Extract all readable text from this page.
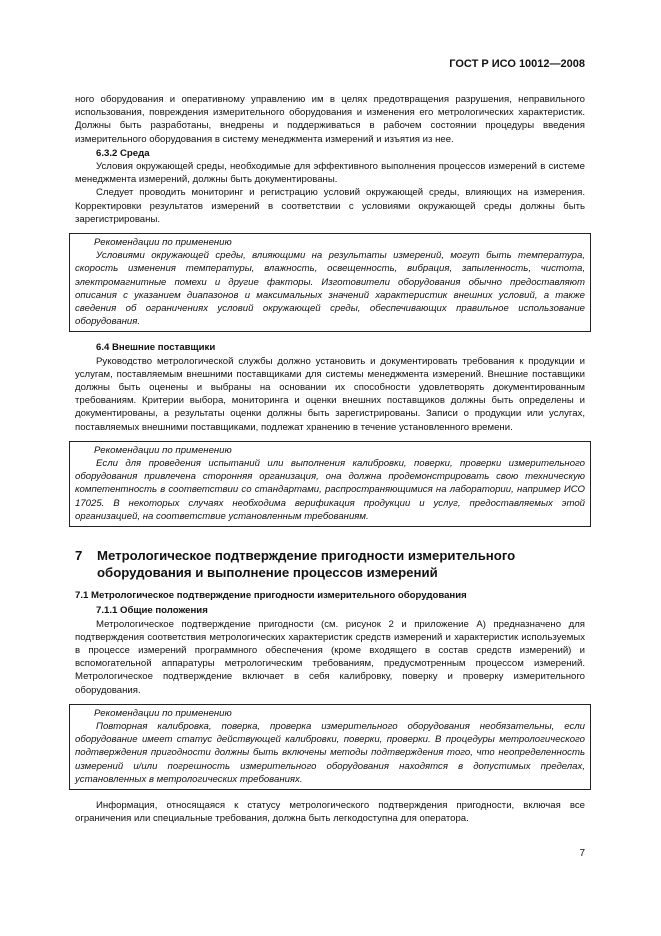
ГОСТ Р ИСО 10012—2008

ного оборудования и оперативному управлению им в целях предотвращения разрушения, неправильного использования, повреждения измерительного оборудования и изменения его метрологических характеристик. Должны быть разработаны, внедрены и поддерживаться в рабочем состоянии процедуры введения измерительного оборудования в систему менеджмента измерений и изъятия из нее.

6.3.2 Среда

Условия окружающей среды, необходимые для эффективного выполнения процессов измерений в системе менеджмента измерений, должны быть документированы.

Следует проводить мониторинг и регистрацию условий окружающей среды, влияющих на измерения. Корректировки результатов измерений в соответствии с условиями окружающей среды должны быть зарегистрированы.

Рекомендации по применению

Условиями окружающей среды, влияющими на результаты измерений, могут быть температура, скорость изменения температуры, влажность, освещенность, вибрация, запыленность, чистота, электромагнитные помехи и другие факторы. Изготовители оборудования обычно предоставляют описания с указанием диапазонов и максимальных значений характеристик внешних условий, а также сведения об ограничениях условий окружающей среды, обеспечивающих правильное использование оборудования.

6.4 Внешние поставщики

Руководство метрологической службы должно установить и документировать требования к продукции и услугам, поставляемым внешними поставщиками для системы менеджмента измерений. Внешние поставщики должны быть оценены и выбраны на основании их способности удовлетворять документированным требованиям. Критерии выбора, мониторинга и оценки внешних поставщиков должны быть определены и документированы, а результаты оценки должны быть зарегистрированы. Записи о продукции или услугах, поставляемых внешними поставщиками, подлежат хранению в течение установленного времени.

Рекомендации по применению

Если для проведения испытаний или выполнения калибровки, поверки, проверки измерительного оборудования привлечена сторонняя организация, она должна продемонстрировать свою техническую компетентность в соответствии со стандартами, распространяющимися на лаборатории, например ИСО 17025. В некоторых случаях необходима верификация продукции и услуг, предоставляемых этой организацией, на соответствие установленным требованиям.

7 Метрологическое подтверждение пригодности измерительного
оборудования и выполнение процессов измерений

7.1 Метрологическое подтверждение пригодности измерительного оборудования

7.1.1 Общие положения

Метрологическое подтверждение пригодности (см. рисунок 2 и приложение А) предназначено для подтверждения соответствия метрологических характеристик средств измерений и характеристик используемых в процессе измерений программного обеспечения (кроме входящего в состав средств измерений) и вспомогательной аппаратуры метрологическим требованиям, предусмотренным процессом измерений. Метрологическое подтверждение включает в себя калибровку, поверку и проверку измерительного оборудования.

Рекомендации по применению

Повторная калибровка, поверка, проверка измерительного оборудования необязательны, если оборудование имеет статус действующей калибровки, поверки, проверки. В процедуры метрологического подтверждения пригодности должны быть включены методы подтверждения того, что неопределенность измерений и/или погрешность измерительного оборудования находятся в допустимых пределах, установленных в метрологических требованиях.

Информация, относящаяся к статусу метрологического подтверждения пригодности, включая все ограничения или специальные требования, должна быть легкодоступна для оператора.

7
